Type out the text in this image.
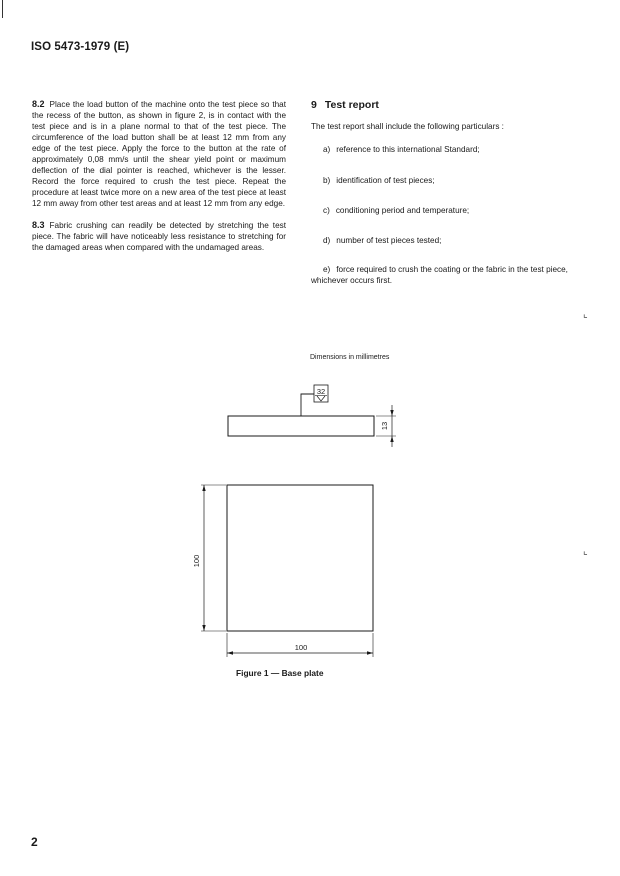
ISO 5473-1979 (E)

8.2 Place the load button of the machine onto the test piece so that the recess of the button, as shown in figure 2, is in contact with the test piece and is in a plane normal to that of the test piece. The circumference of the load button shall be at least 12 mm from any edge of the test piece. Apply the force to the button at the rate of approximately 0,08 mm/s until the shear yield point or maximum deflection of the dial pointer is reached, whichever is the lesser. Record the force required to crush the test piece. Repeat the procedure at least twice more on a new area of the test piece at least 12 mm away from other test areas and at least 12 mm from any edge.

8.3 Fabric crushing can readily be detected by stretching the test piece. The fabric will have noticeably less resistance to stretching for the damaged areas when compared with the undamaged areas.

9 Test report

The test report shall include the following particulars :

a) reference to this international Standard;

b) identification of test pieces;

c) conditioning period and temperature;

d) number of test pieces tested;

e) force required to crush the coating or the fabric in the test piece, whichever occurs first.

⌞
⌞
Dimensions in millimetres
32
13
100
100
Figure 1 — Base plate
2
